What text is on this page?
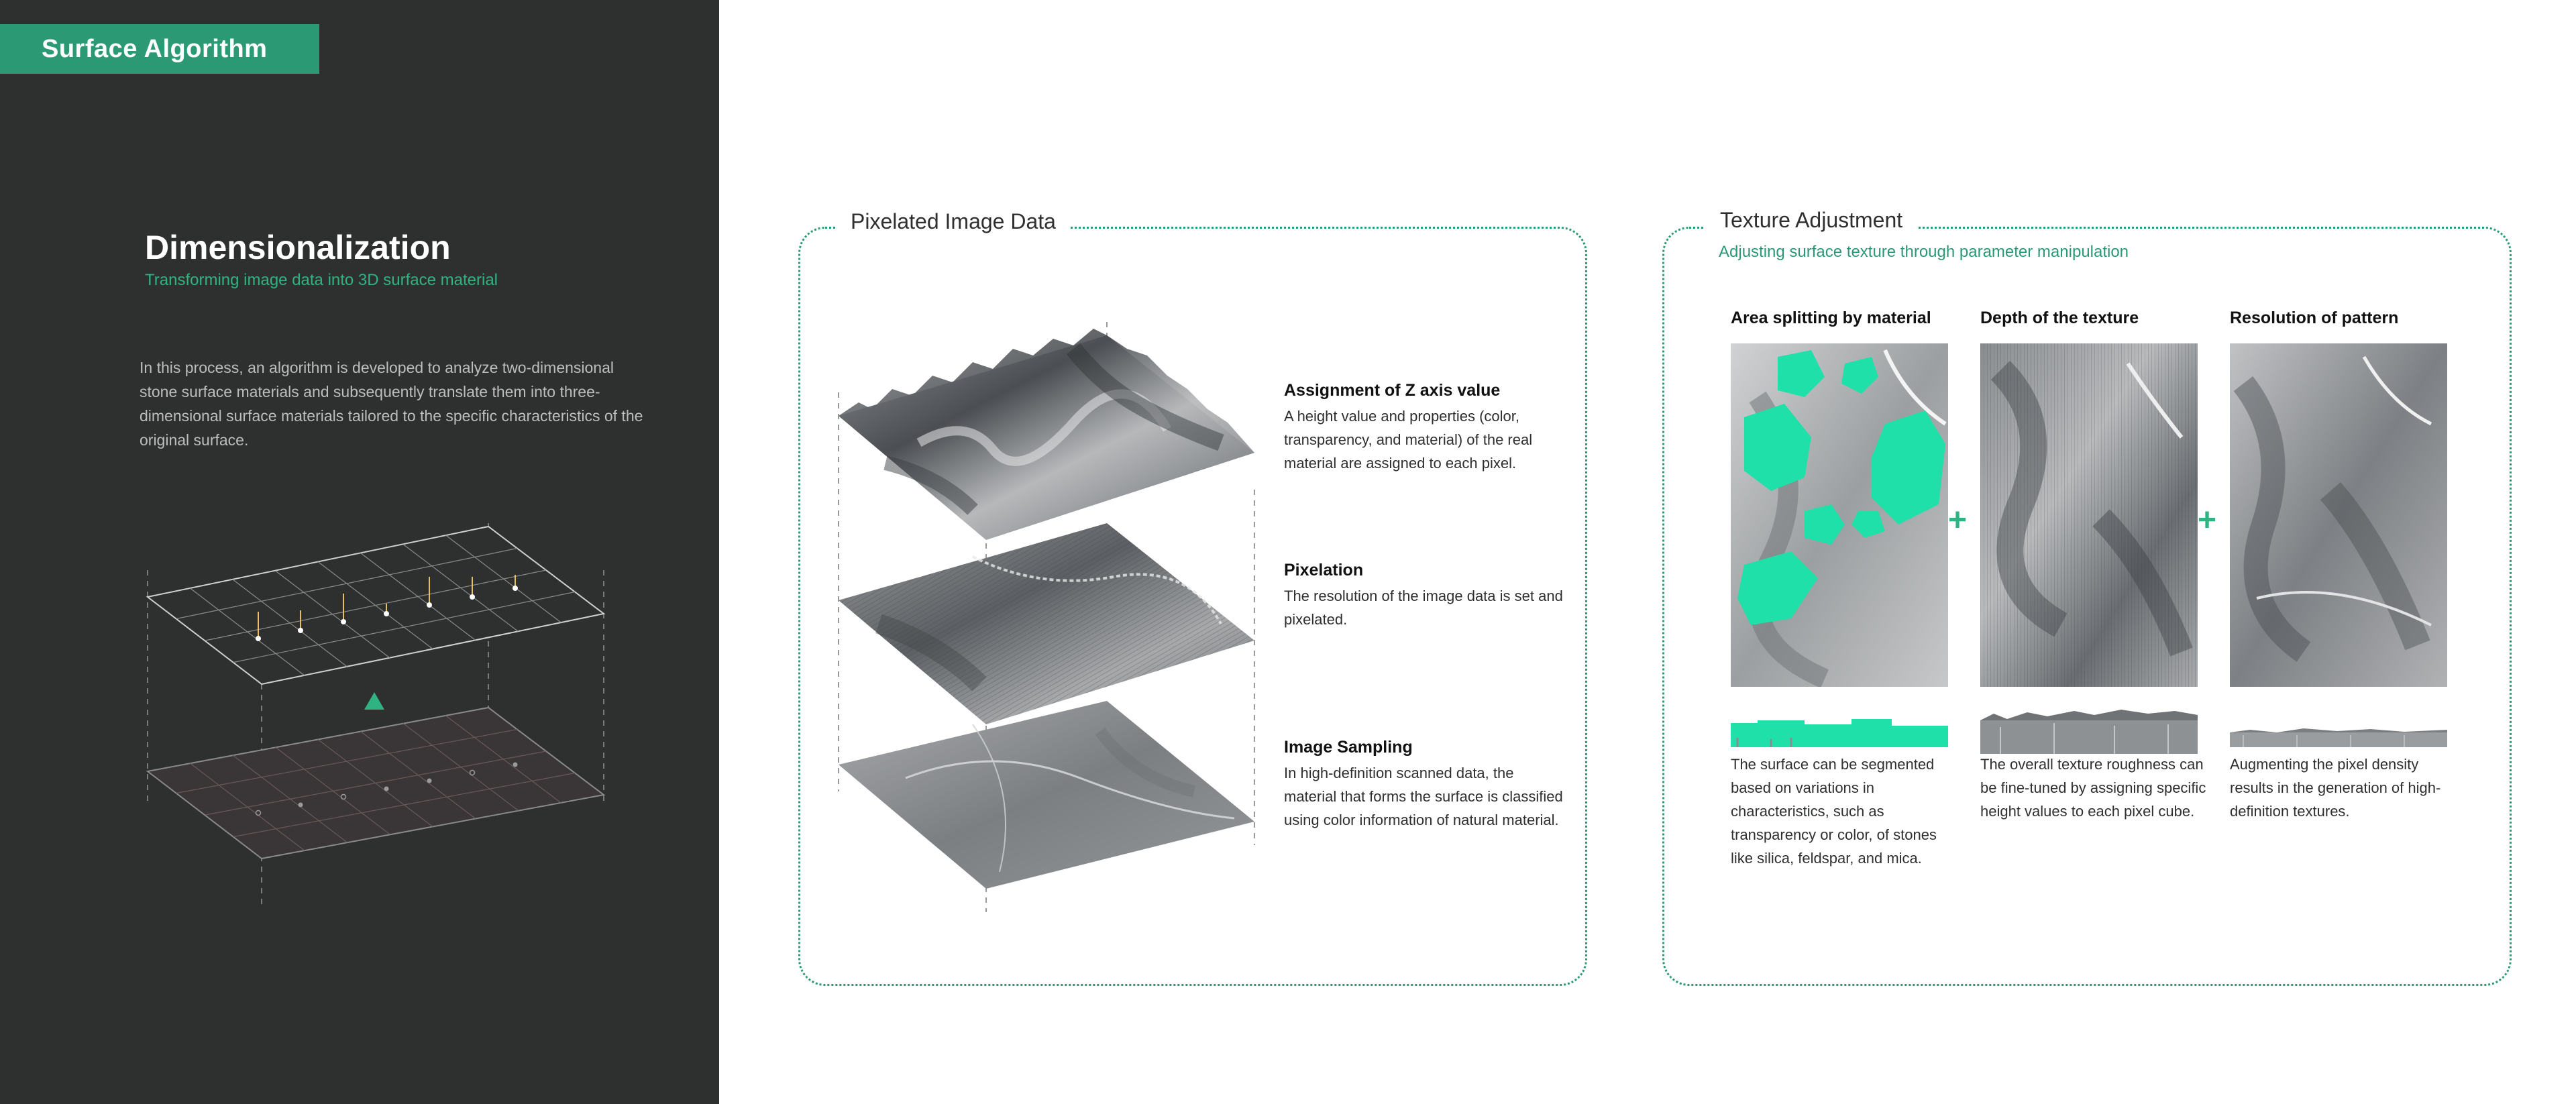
Surface Algorithm
Dimensionalization
Transforming image data into 3D surface material
In this process, an algorithm is developed to analyze two-dimensional stone surface materials and subsequently translate them into three-dimensional surface materials tailored to the specific characteristics of the original surface.
Pixelated Image Data
Assignment of Z axis value
A height value and properties (color, transparency, and material) of the real material are assigned to each pixel.
Pixelation
The resolution of the image data is set and pixelated.
Image Sampling
In high-definition scanned data, the material that forms the surface is classified using color information of natural material.
Texture Adjustment
Adjusting surface texture through parameter manipulation
Area splitting by material
The surface can be segmented based on variations in characteristics, such as transparency or color, of stones like silica, feldspar, and mica.
+
Depth of the texture
The overall texture roughness can be fine-tuned by assigning specific height values to each pixel cube.
+
Resolution of pattern
Augmenting the pixel density results in the generation of high-definition textures.
